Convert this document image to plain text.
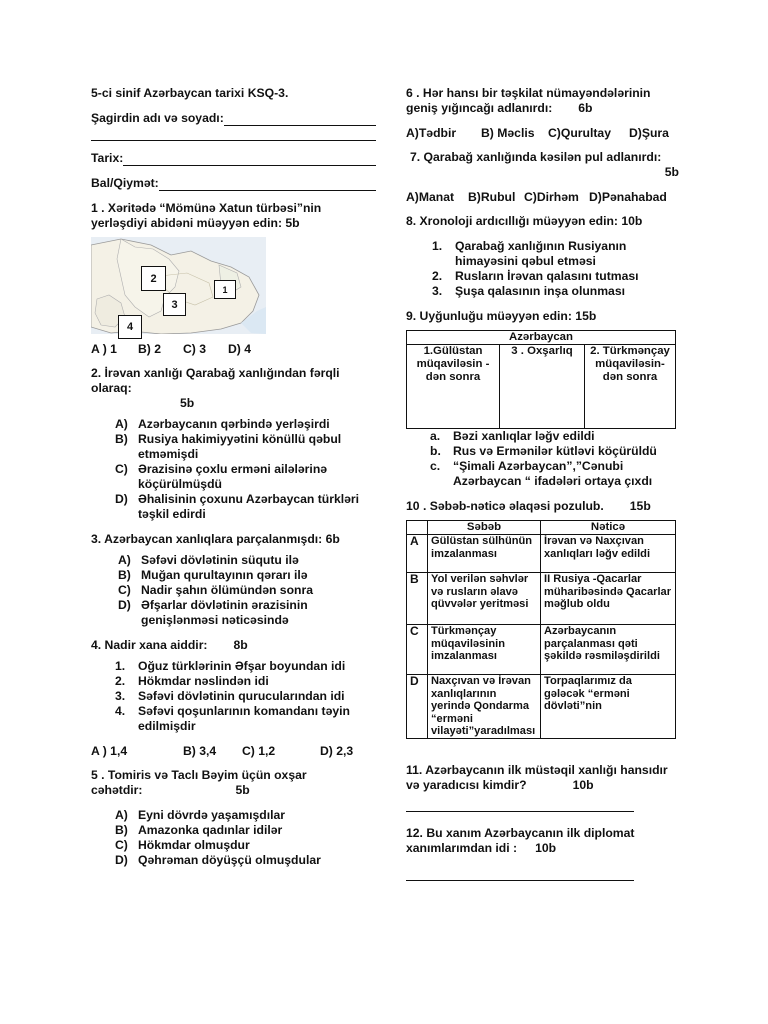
5-ci sinif Azərbaycan tarixi KSQ-3.

Şagirdin adı və soyadı:
Tarix:
Bal/Qiymət:

1 . Xəritədə “Mömünə Xatun türbəsi”nin yerləşdiyi abidəni müəyyən edin: 5b

2
3
1
4
A ) 1	B) 2	C) 3	D) 4

2. İrəvan xanlığı Qarabağ xanlığından fərqli olaraq:
5b

A) Azərbaycanın qərbində yerləşirdi
B) Rusiya hakimiyyətini könüllü qəbul etməmişdi
C) Ərazisinə çoxlu erməni ailələrinə köçürülmüşdü
D) Əhalisinin çoxunu Azərbaycan türkləri təşkil edirdi

3. Azərbaycan xanlıqlara parçalanmışdı: 6b

A) Səfəvi dövlətinin süqutu ilə
B) Muğan qurultayının qərarı ilə
C) Nadir şahın ölümündən sonra
D) Əfşarlar dövlətinin ərazisinin genişlənməsi nəticəsində

4. Nadir xana aiddir: 8b

1. Oğuz türklərinin Əfşar boyundan idi
2. Hökmdar nəslindən idi
3. Səfəvi dövlətinin qurucularından idi
4. Səfəvi qoşunlarının komandanı təyin edilmişdir
A ) 1,4	B) 3,4	C) 1,2	D) 2,3

5 . Tomiris və Taclı Bəyim üçün oxşar cəhətdir:	5b

A) Eyni dövrdə yaşamışdılar
B) Amazonka qadınlar idilər
C) Hökmdar olmuşdur
D) Qəhrəman döyüşçü olmuşdular

6 . Hər hansı bir təşkilat nümayəndələrinin geniş yığıncağı adlanırdı: 6b

A)Tədbir	B) Məclis	C)Qurultay	D)Şura

7. Qarabağ xanlığında kəsilən pul adlanırdı:

5b

A)Manat	B)Rubul C)Dirhəm D)Pənahabad

8. Xronoloji ardıcıllığı müəyyən edin: 10b

1. Qarabağ xanlığının Rusiyanın himayəsini qəbul etməsi
2. Rusların İrəvan qalasını tutması
3. Şuşa qalasının inşa olunması

9. Uyğunluğu müəyyən edin: 15b

Azərbaycan
1.Gülüstan müqaviləsin -dən sonra	3 . Oxşarlıq	2. Türkmənçay müqaviləsin-dən sonra
a. Bəzi xanlıqlar ləğv edildi
b. Rus və Ermənilər kütləvi köçürüldü
c. “Şimali Azərbaycan”,”Cənubi Azərbaycan “ ifadələri ortaya çıxdı

10 . Səbəb-nəticə əlaqəsi pozulub. 15b

	Səbəb	Nəticə
A	Gülüstan sülhünün imzalanması	İrəvan və Naxçıvan xanlıqları ləğv edildi
B	Yol verilən səhvlər və rusların əlavə qüvvələr yeritməsi	II Rusiya -Qacarlar müharibəsində Qacarlar məğlub oldu
C	Türkmənçay müqaviləsinin imzalanması	Azərbaycanın parçalanması qəti şəkildə rəsmiləşdirildi
D	Naxçıvan və İrəvan xanlıqlarının yerində Qondarma “erməni vilayəti”yaradılması	Torpaqlarımız da gələcək “erməni dövləti”nin

11. Azərbaycanın ilk müstəqil xanlığı hansıdır və yaradıcısı kimdir?	10b

12. Bu xanım Azərbaycanın ilk diplomat xanımlarımdan idi : 10b
